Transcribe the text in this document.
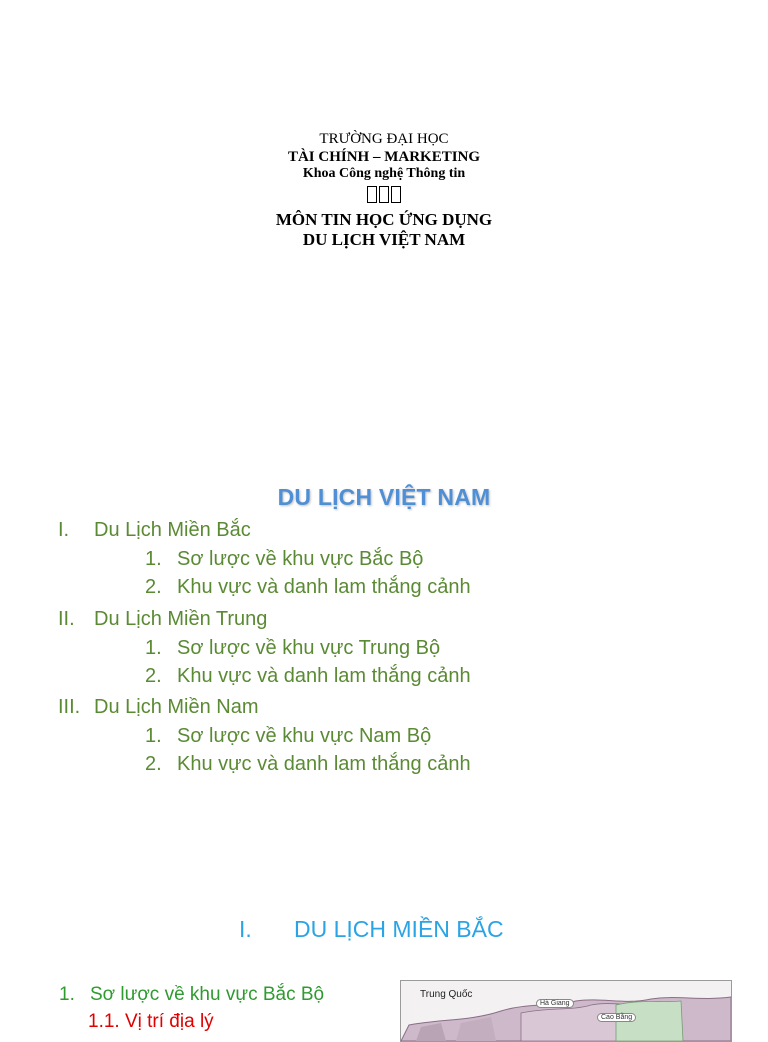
TRƯỜNG ĐẠI HỌC
TÀI CHÍNH – MARKETING
Khoa Công nghệ Thông tin
MÔN TIN HỌC ỨNG DỤNG
DU LỊCH VIỆT NAM
DU LỊCH VIỆT NAM
I. Du Lịch Miền Bắc
1. Sơ lược về khu vực Bắc Bộ
2. Khu vực và danh lam thắng cảnh
II. Du Lịch Miền Trung
1. Sơ lược về khu vực Trung Bộ
2. Khu vực và danh lam thắng cảnh
III. Du Lịch Miền Nam
1. Sơ lược về khu vực Nam Bộ
2. Khu vực và danh lam thắng cảnh
I. DU LỊCH MIỀN BẮC
1. Sơ lược về khu vực Bắc Bộ
1.1. Vị trí địa lý
Trung Quốc
Hà Giang
Cao Bằng
